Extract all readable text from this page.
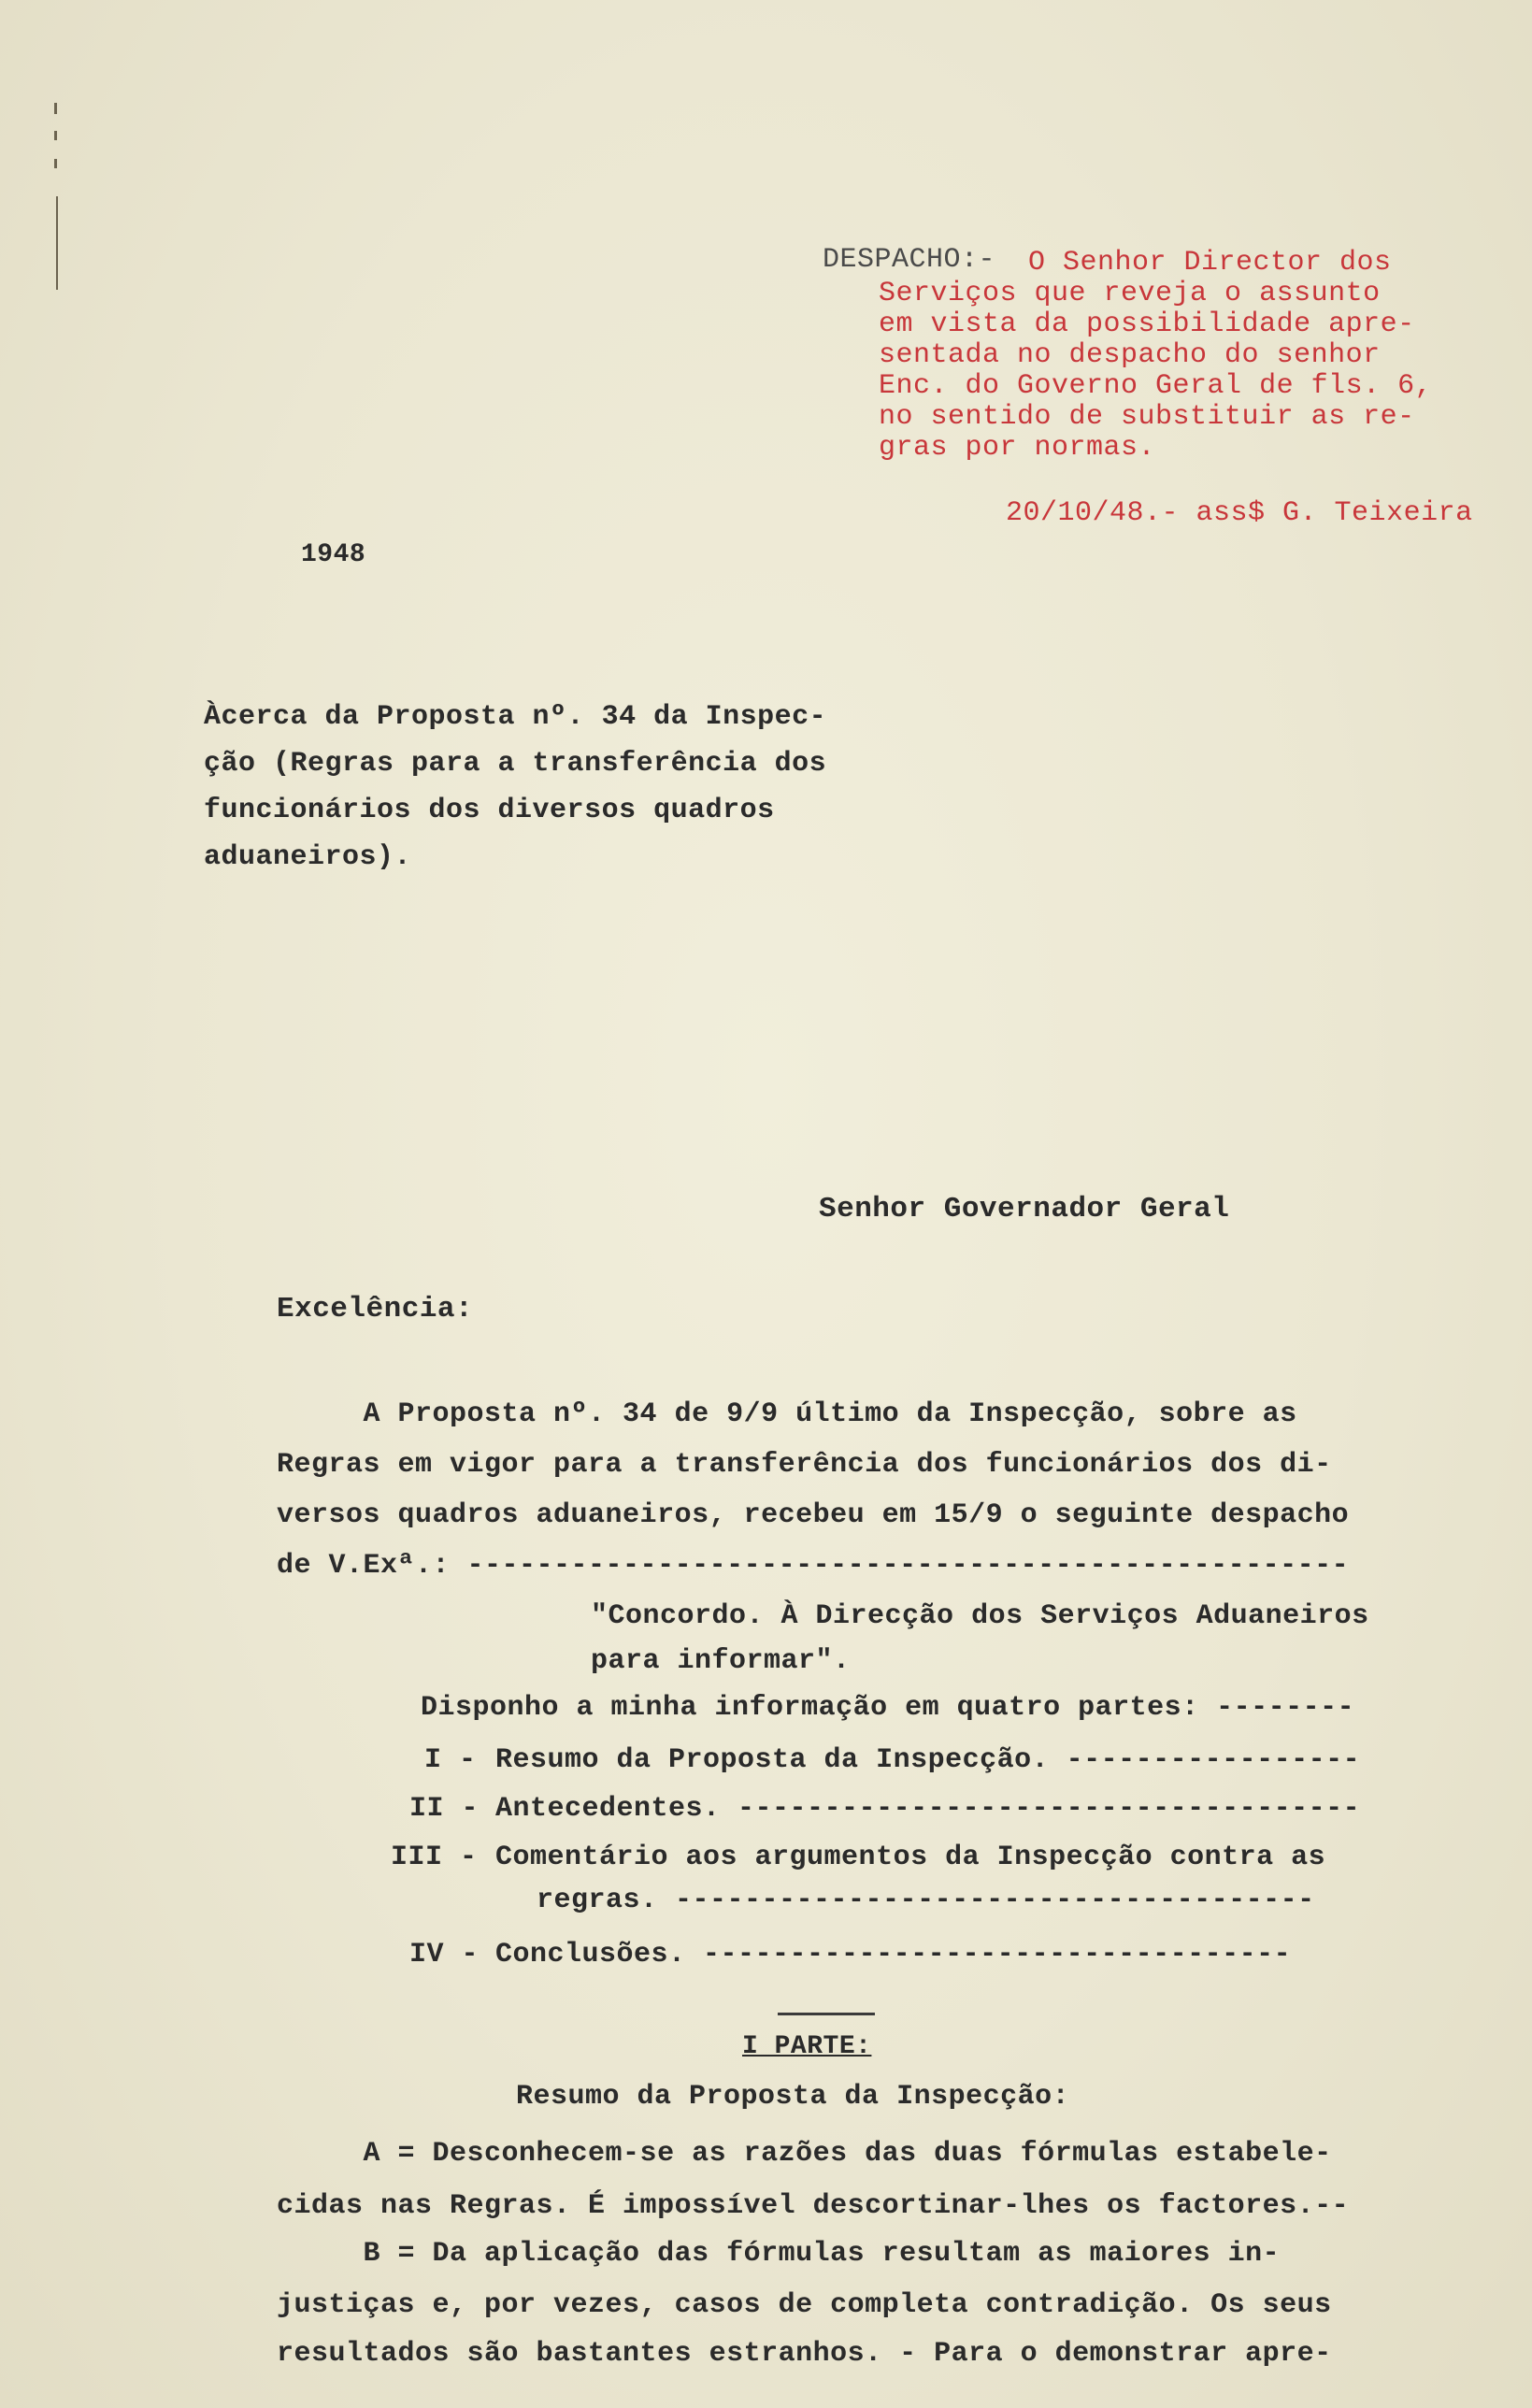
DESPACHO:- O Senhor Director dos
Serviços que reveja o assunto
em vista da possibilidade apre-
sentada no despacho do senhor
Enc. do Governo Geral de fls. 6,
no sentido de substituir as re-
gras por normas.
20/10/48.- ass$ G. Teixeira
1948
Àcerca da Proposta nº. 34 da Inspec-
ção (Regras para a transferência dos
funcionários dos diversos quadros
aduaneiros).
Senhor Governador Geral
Excelência:
A Proposta nº. 34 de 9/9 último da Inspecção, sobre as
Regras em vigor para a transferência dos funcionários dos di-
versos quadros aduaneiros, recebeu em 15/9 o seguinte despacho
de V.Exª.: ---------------------------------------------------
"Concordo. À Direcção dos Serviços Aduaneiros
para informar".
Disponho a minha informação em quatro partes: --------
I - Resumo da Proposta da Inspecção. -----------------
II - Antecedentes. ------------------------------------
III - Comentário aos argumentos da Inspecção contra as
regras. -------------------------------------
IV - Conclusões. ----------------------------------
I PARTE:
Resumo da Proposta da Inspecção:
A = Desconhecem-se as razões das duas fórmulas estabele-
cidas nas Regras. É impossível descortinar-lhes os factores.--
B = Da aplicação das fórmulas resultam as maiores in-
justiças e, por vezes, casos de completa contradição. Os seus
resultados são bastantes estranhos. - Para o demonstrar apre-
